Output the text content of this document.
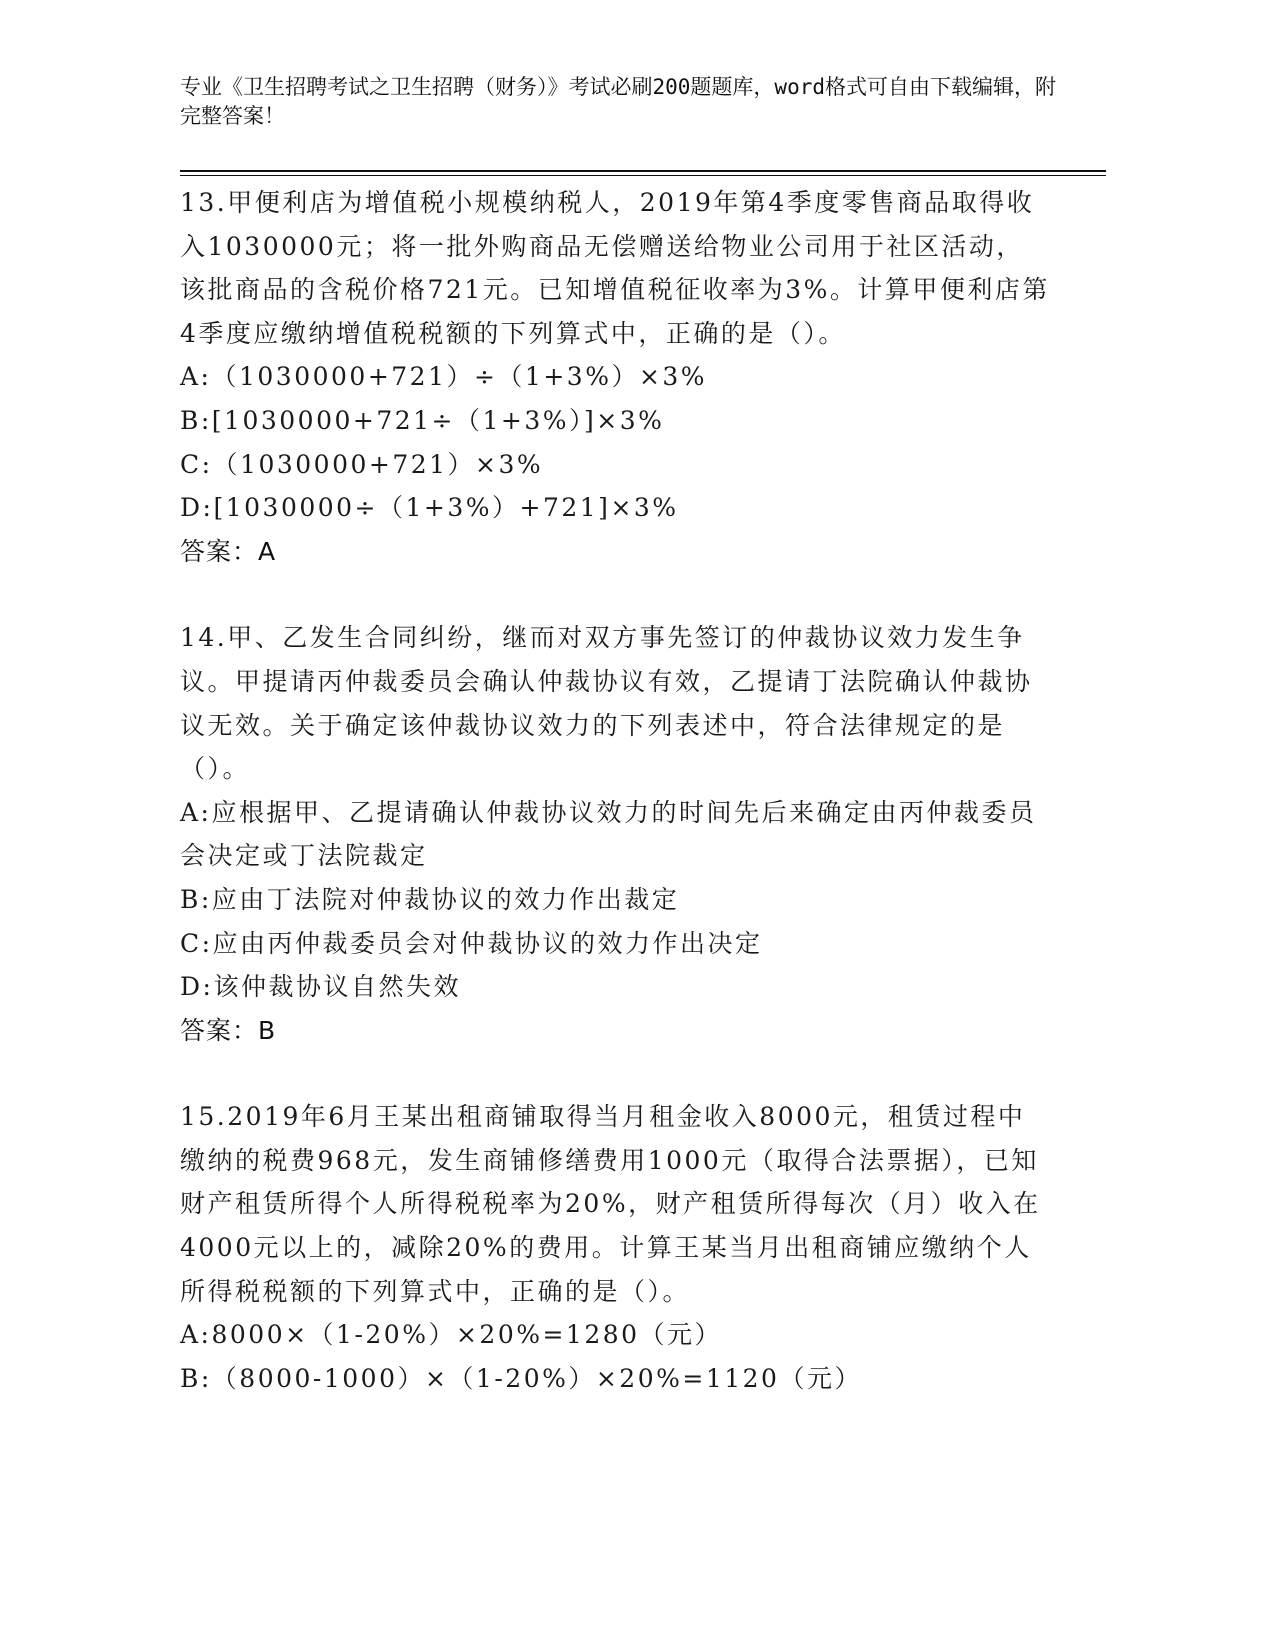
专业《卫生招聘考试之卫生招聘（财务）》考试必刷200题题库，word格式可自由下载编辑，附完整答案！

13.甲便利店为增值税小规模纳税人，2019年第4季度零售商品取得收入1030000元；将一批外购商品无偿赠送给物业公司用于社区活动，该批商品的含税价格721元。已知增值税征收率为3%。计算甲便利店第4季度应缴纳增值税税额的下列算式中，正确的是（）。

A:（1030000+721）÷（1+3%）×3%

B:[1030000+721÷（1+3%）]×3%

C:（1030000+721）×3%

D:[1030000÷（1+3%）+721]×3%

答案：A

14.甲、乙发生合同纠纷，继而对双方事先签订的仲裁协议效力发生争议。甲提请丙仲裁委员会确认仲裁协议有效，乙提请丁法院确认仲裁协议无效。关于确定该仲裁协议效力的下列表述中，符合法律规定的是（）。

A:应根据甲、乙提请确认仲裁协议效力的时间先后来确定由丙仲裁委员会决定或丁法院裁定

B:应由丁法院对仲裁协议的效力作出裁定

C:应由丙仲裁委员会对仲裁协议的效力作出决定

D:该仲裁协议自然失效

答案：B

15.2019年6月王某出租商铺取得当月租金收入8000元，租赁过程中缴纳的税费968元，发生商铺修缮费用1000元（取得合法票据），已知财产租赁所得个人所得税税率为20%，财产租赁所得每次（月）收入在4000元以上的，减除20%的费用。计算王某当月出租商铺应缴纳个人所得税税额的下列算式中，正确的是（）。

A:8000×（1-20%）×20%=1280（元）

B:（8000-1000）×（1-20%）×20%=1120（元）
